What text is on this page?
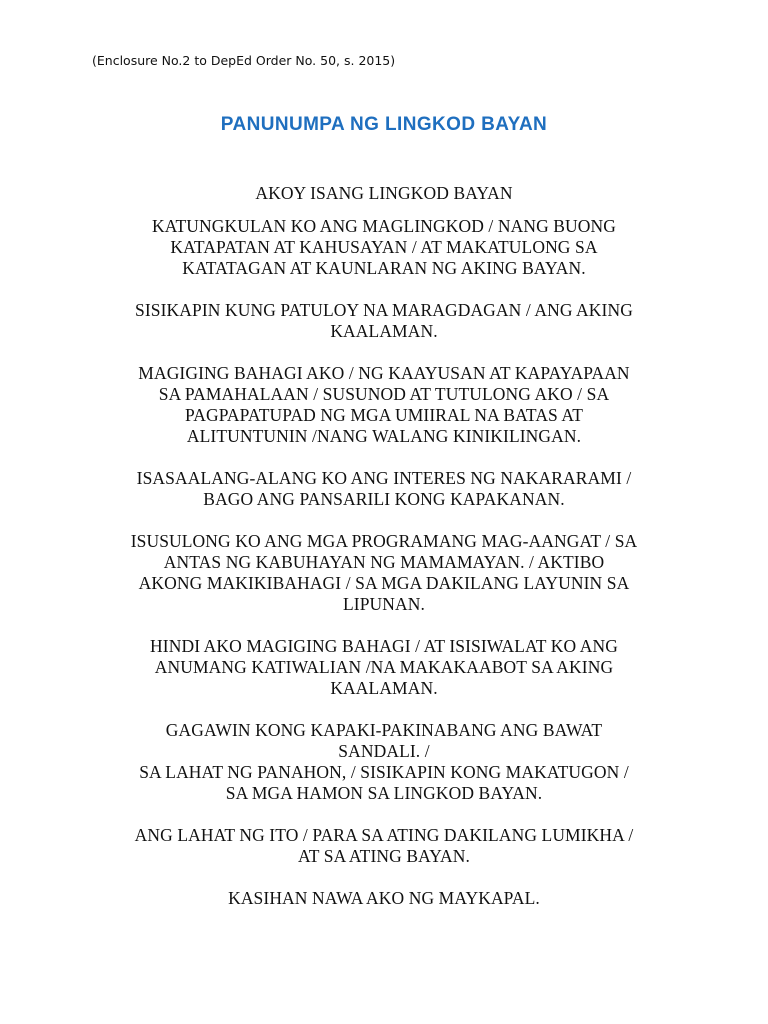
(Enclosure No.2 to DepEd Order No. 50, s. 2015)
PANUNUMPA NG LINGKOD BAYAN

AKOY ISANG LINGKOD BAYAN

KATUNGKULAN KO ANG MAGLINGKOD / NANG BUONG
KATAPATAN AT KAHUSAYAN / AT MAKATULONG SA
KATATAGAN AT KAUNLARAN NG AKING BAYAN.

SISIKAPIN KUNG PATULOY NA MARAGDAGAN / ANG AKING
KAALAMAN.

MAGIGING BAHAGI AKO / NG KAAYUSAN AT KAPAYAPAAN
SA PAMAHALAAN / SUSUNOD AT TUTULONG AKO / SA
PAGPAPATUPAD NG MGA UMIIRAL NA BATAS AT
ALITUNTUNIN /NANG WALANG KINIKILINGAN.

ISASAALANG-ALANG KO ANG INTERES NG NAKARARAMI /
BAGO ANG PANSARILI KONG KAPAKANAN.

ISUSULONG KO ANG MGA PROGRAMANG MAG-AANGAT / SA
ANTAS NG KABUHAYAN NG MAMAMAYAN. / AKTIBO
AKONG MAKIKIBAHAGI / SA MGA DAKILANG LAYUNIN SA
LIPUNAN.

HINDI AKO MAGIGING BAHAGI / AT ISISIWALAT KO ANG
ANUMANG KATIWALIAN /NA MAKAKAABOT SA AKING
KAALAMAN.

GAGAWIN KONG KAPAKI-PAKINABANG ANG BAWAT
SANDALI. /
SA LAHAT NG PANAHON, / SISIKAPIN KONG MAKATUGON /
SA MGA HAMON SA LINGKOD BAYAN.

ANG LAHAT NG ITO / PARA SA ATING DAKILANG LUMIKHA /
AT SA ATING BAYAN.

KASIHAN NAWA AKO NG MAYKAPAL.
